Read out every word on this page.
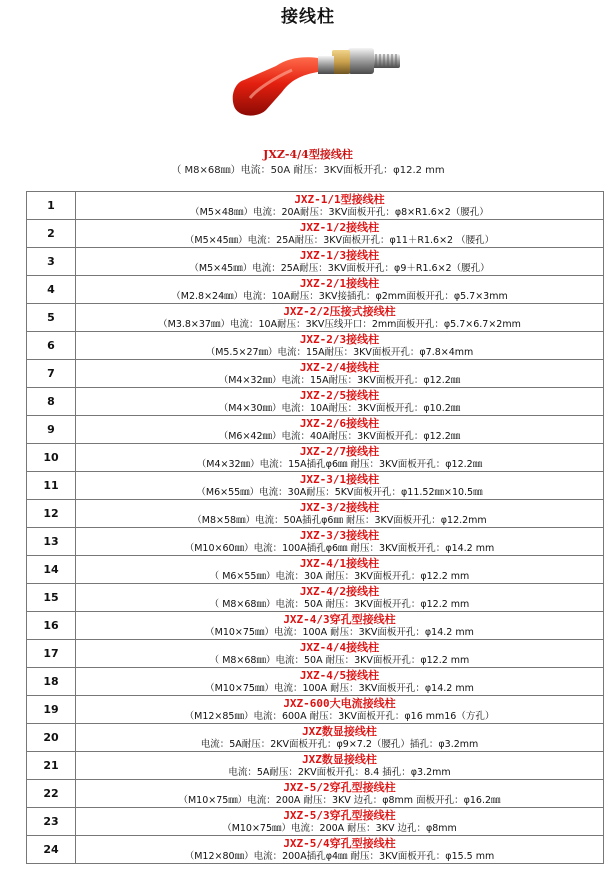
接线柱
JXZ-4/4型接线柱
（ M8×68㎜）电流：50A 耐压：3KV面板开孔：φ12.2 mm
1	JXZ-1/1型接线柱
（M5×48㎜）电流：20A耐压：3KV面板开孔：φ8×R1.6×2（腰孔）

2	JXZ-1/2接线柱
（M5×45㎜）电流：25A耐压：3KV面板开孔：φ11＋R1.6×2 （腰孔）

3	JXZ-1/3接线柱
（M5×45㎜）电流：25A耐压：3KV面板开孔：φ9＋R1.6×2（腰孔）

4	JXZ-2/1接线柱
（M2.8×24㎜）电流：10A耐压：3KV接插孔：φ2mm面板开孔：φ5.7×3mm

5	JXZ-2/2压接式接线柱
（M3.8×37㎜）电流：10A耐压：3KV压线开口：2mm面板开孔：φ5.7×6.7×2mm

6	JXZ-2/3接线柱
（M5.5×27㎜）电流：15A耐压：3KV面板开孔：φ7.8×4mm

7	JXZ-2/4接线柱
（M4×32㎜）电流：15A耐压：3KV面板开孔：φ12.2㎜

8	JXZ-2/5接线柱
（M4×30㎜）电流：10A耐压：3KV面板开孔：φ10.2㎜

9	JXZ-2/6接线柱
（M6×42㎜）电流：40A耐压：3KV面板开孔：φ12.2㎜

10	JXZ-2/7接线柱
（M4×32㎜）电流：15A插孔φ6㎜ 耐压：3KV面板开孔：φ12.2㎜

11	JXZ-3/1接线柱
（M6×55㎜）电流：30A耐压：5KV面板开孔：φ11.52㎜×10.5㎜

12	JXZ-3/2接线柱
（M8×58㎜）电流：50A插孔φ6㎜ 耐压：3KV面板开孔：φ12.2mm

13	JXZ-3/3接线柱
（M10×60㎜）电流：100A插孔φ6㎜ 耐压：3KV面板开孔：φ14.2 mm

14	JXZ-4/1接线柱
（ M6×55㎜）电流：30A 耐压：3KV面板开孔：φ12.2 mm

15	JXZ-4/2接线柱
（ M8×68㎜）电流：50A 耐压：3KV面板开孔：φ12.2 mm

16	JXZ-4/3穿孔型接线柱
（M10×75㎜）电流：100A 耐压：3KV面板开孔：φ14.2 mm

17	JXZ-4/4接线柱
（ M8×68㎜）电流：50A 耐压：3KV面板开孔：φ12.2 mm

18	JXZ-4/5接线柱
（M10×75㎜）电流：100A 耐压：3KV面板开孔：φ14.2 mm

19	JXZ-600大电流接线柱
（M12×85㎜）电流：600A 耐压：3KV面板开孔：φ16 mm16（方孔）

20	JXZ数显接线柱
电流：5A耐压：2KV面板开孔：φ9×7.2（腰孔）插孔：φ3.2mm

21	JXZ数显接线柱
电流：5A耐压：2KV面板开孔：8.4 插孔：φ3.2mm

22	JXZ-5/2穿孔型接线柱
（M10×75㎜）电流：200A 耐压：3KV 边孔：φ8mm 面板开孔：φ16.2㎜

23	JXZ-5/3穿孔型接线柱
（M10×75㎜）电流：200A 耐压：3KV 边孔：φ8mm

24	JXZ-5/4穿孔型接线柱
（M12×80㎜）电流：200A插孔φ4㎜ 耐压：3KV面板开孔：φ15.5 mm
